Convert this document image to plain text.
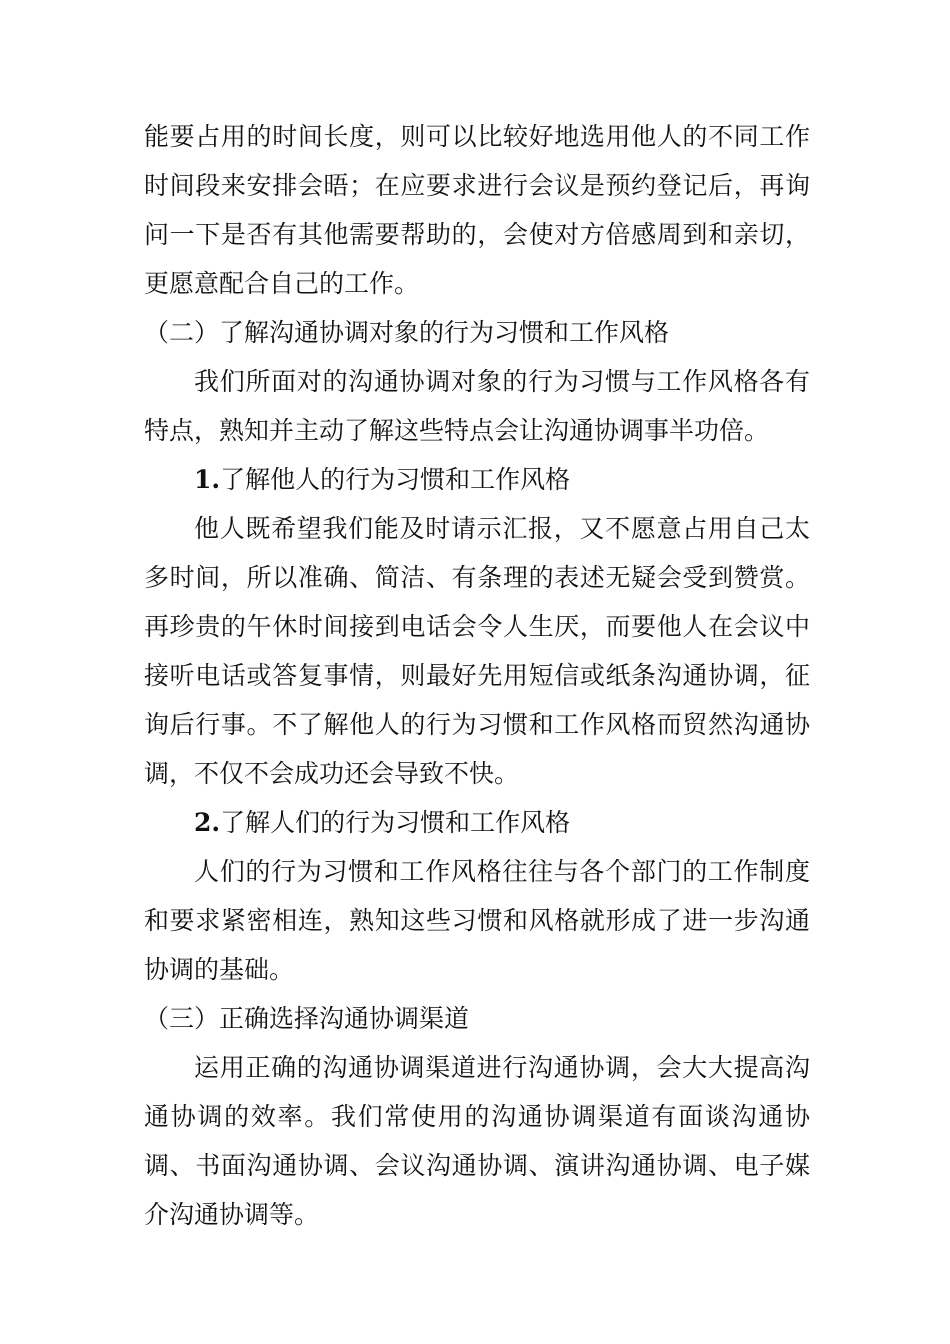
能要占用的时间长度，则可以比较好地选用他人的不同工作时间段来安排会晤；在应要求进行会议是预约登记后，再询问一下是否有其他需要帮助的，会使对方倍感周到和亲切，更愿意配合自己的工作。

（二）了解沟通协调对象的行为习惯和工作风格

我们所面对的沟通协调对象的行为习惯与工作风格各有特点，熟知并主动了解这些特点会让沟通协调事半功倍。

1.了解他人的行为习惯和工作风格

他人既希望我们能及时请示汇报，又不愿意占用自己太多时间，所以准确、简洁、有条理的表述无疑会受到赞赏。再珍贵的午休时间接到电话会令人生厌，而要他人在会议中接听电话或答复事情，则最好先用短信或纸条沟通协调，征询后行事。不了解他人的行为习惯和工作风格而贸然沟通协调，不仅不会成功还会导致不快。

2.了解人们的行为习惯和工作风格

人们的行为习惯和工作风格往往与各个部门的工作制度和要求紧密相连，熟知这些习惯和风格就形成了进一步沟通协调的基础。

（三）正确选择沟通协调渠道

运用正确的沟通协调渠道进行沟通协调，会大大提高沟通协调的效率。我们常使用的沟通协调渠道有面谈沟通协调、书面沟通协调、会议沟通协调、演讲沟通协调、电子媒介沟通协调等。
